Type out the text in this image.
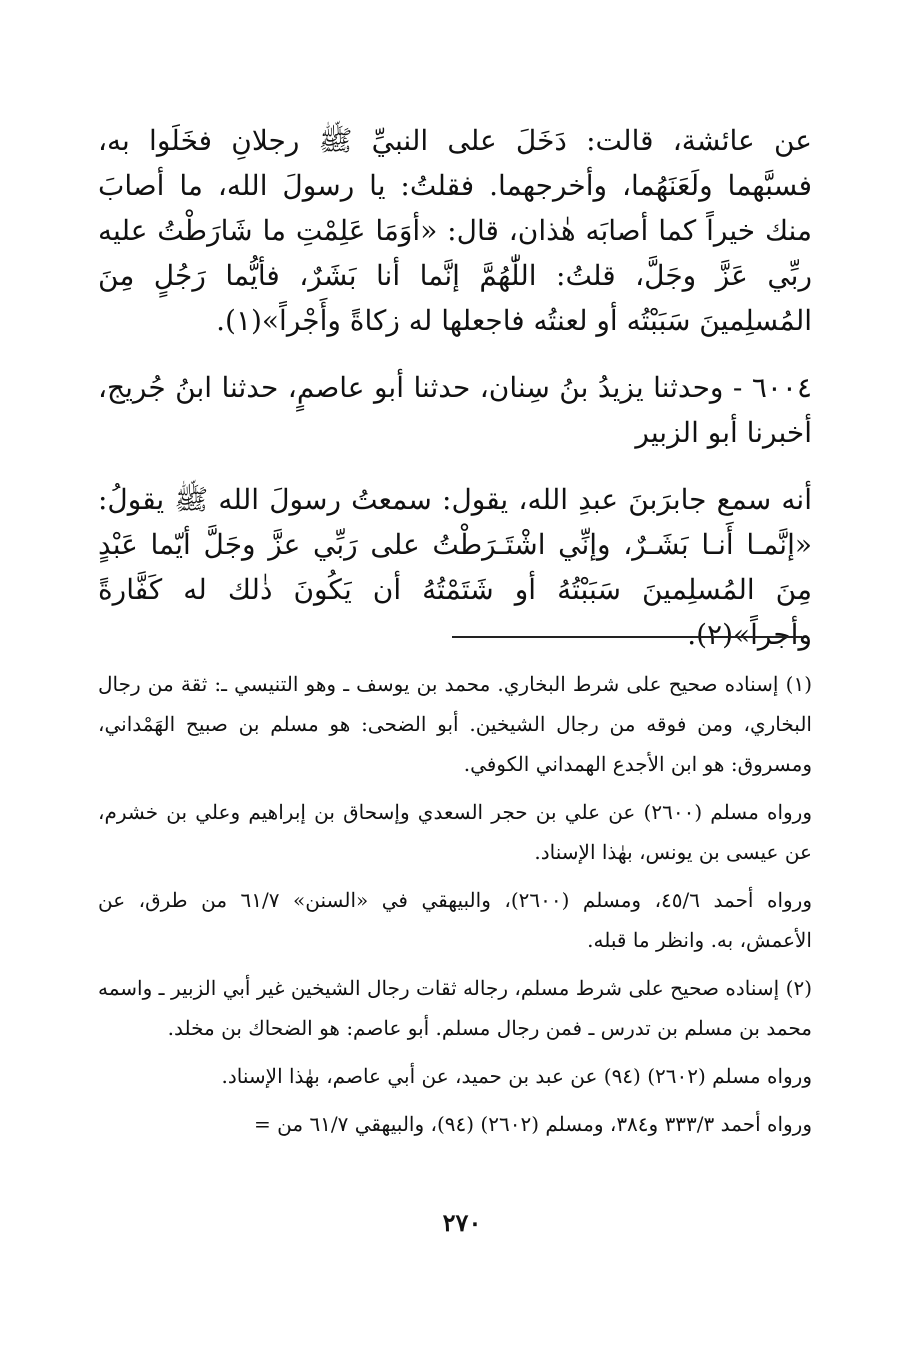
عن عائشة، قالت: دَخَلَ على النبيِّ ﷺ رجلانِ فخَلَوا به، فسبَّهما ولَعَنَهُما، وأخرجهما. فقلتُ: يا رسولَ الله، ما أصابَ منك خيراً كما أصابَه هٰذان، قال: «أوَمَا عَلِمْتِ ما شَارَطْتُ عليه ربِّي عَزَّ وجَلَّ، قلتُ: اللّٰهُمَّ إنَّما أنا بَشَرٌ، فأيُّما رَجُلٍ مِنَ المُسلِمينَ سَبَبْتُه أو لعنتُه فاجعلها له زكاةً وأَجْراً»(١).

٦٠٠٤ - وحدثنا يزيدُ بنُ سِنان، حدثنا أبو عاصمٍ، حدثنا ابنُ جُريج، أخبرنا أبو الزبير

أنه سمع جابرَبنَ عبدِ الله، يقول: سمعتُ رسولَ الله ﷺ يقولُ: «إنَّمـا أَنـا بَشَـرٌ، وإنِّي اشْتَـرَطْتُ على رَبِّي عزَّ وجَلَّ أيّما عَبْدٍ مِنَ المُسلِمينَ سَبَبْتُهُ أو شَتَمْتُهُ أن يَكُونَ ذٰلك له كَفَّارةً وأجراً»(٢).

(١) إسناده صحيح على شرط البخاري. محمد بن يوسف ـ وهو التنيسي ـ: ثقة من رجال البخاري، ومن فوقه من رجال الشيخين. أبو الضحى: هو مسلم بن صبيح الهَمْداني، ومسروق: هو ابن الأجدع الهمداني الكوفي.

ورواه مسلم (٢٦٠٠) عن علي بن حجر السعدي وإسحاق بن إبراهيم وعلي بن خشرم، عن عيسى بن يونس، بهٰذا الإسناد.

ورواه أحمد ٤٥/٦، ومسلم (٢٦٠٠)، والبيهقي في «السنن» ٦١/٧ من طرق، عن الأعمش، به. وانظر ما قبله.

(٢) إسناده صحيح على شرط مسلم، رجاله ثقات رجال الشيخين غير أبي الزبير ـ واسمه محمد بن مسلم بن تدرس ـ فمن رجال مسلم. أبو عاصم: هو الضحاك بن مخلد.

ورواه مسلم (٢٦٠٢) (٩٤) عن عبد بن حميد، عن أبي عاصم، بهٰذا الإسناد.

ورواه أحمد ٣٣٣/٣ و٣٨٤، ومسلم (٢٦٠٢) (٩٤)، والبيهقي ٦١/٧ من =

٢٧٠
